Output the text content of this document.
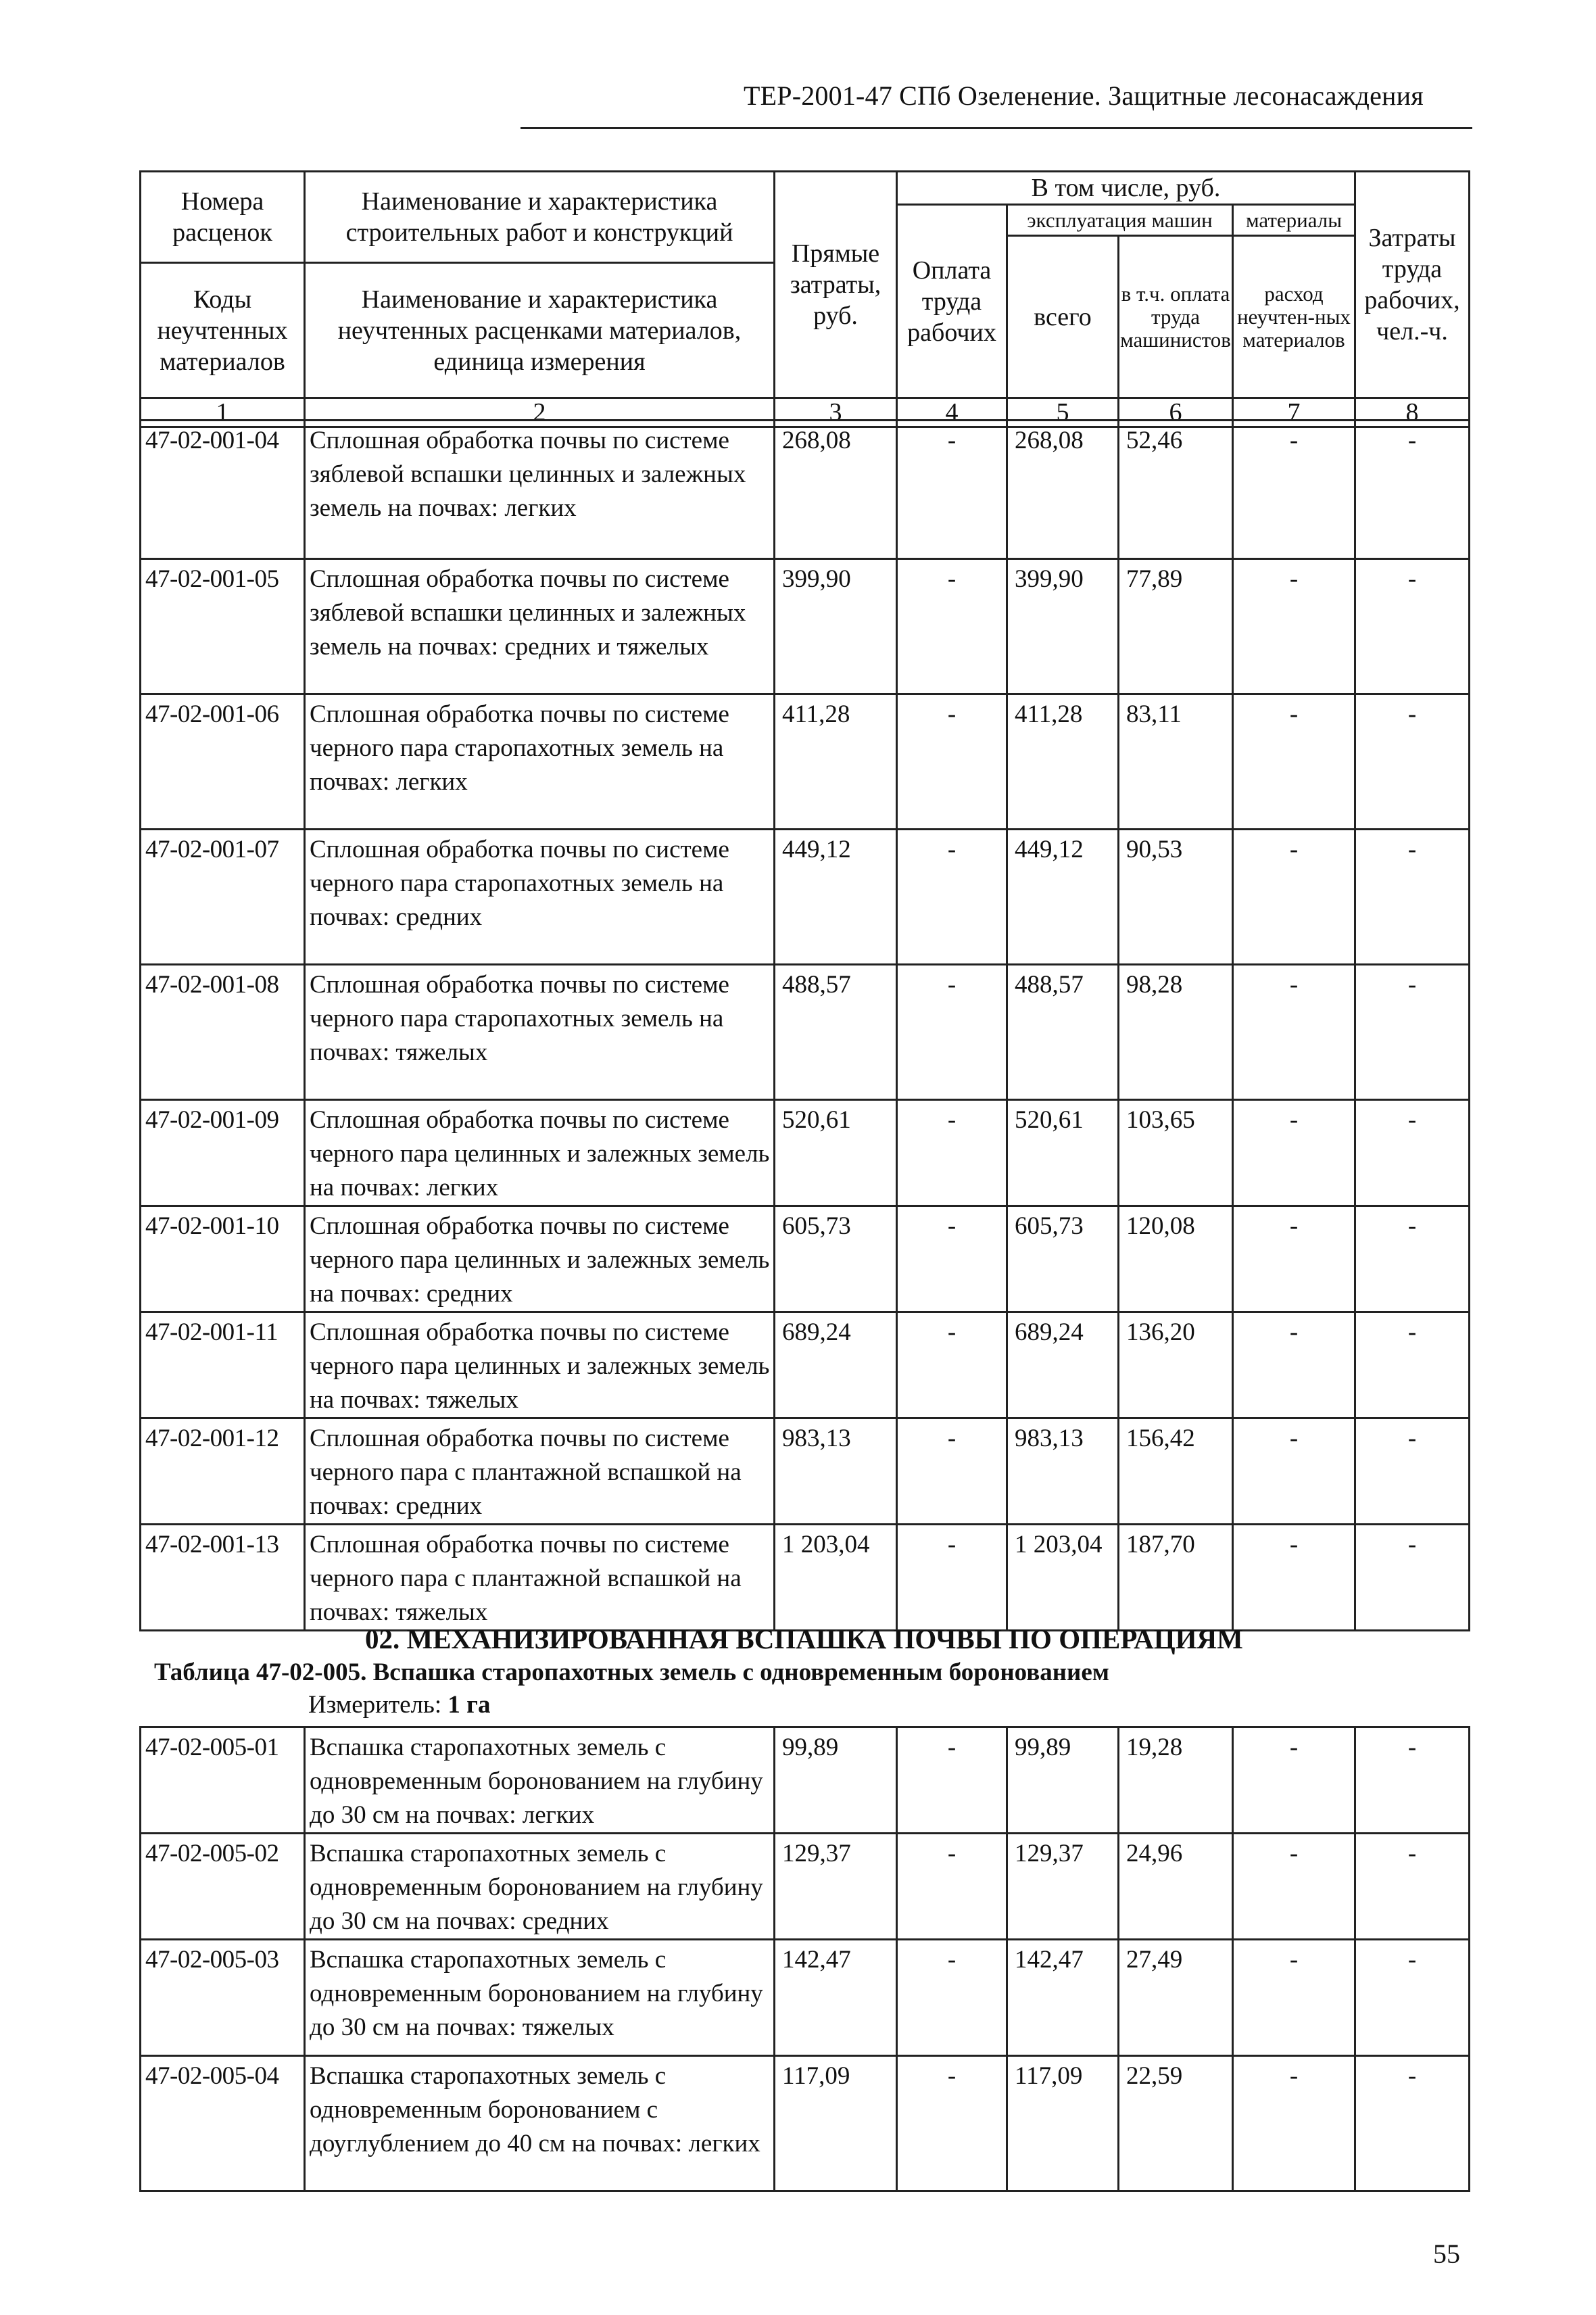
ТЕР-2001-47 СПб Озеленение. Защитные лесонасаждения
Номера расценок	Наименование и характеристика строительных работ и конструкций	Прямые затраты, руб.	В том числе, руб.				Затраты труда рабочих, чел.-ч.
			Оплата труда рабочих	эксплуатация машин		материалы	
				всего	в т.ч. оплата труда машинистов	расход неучтен-ных материалов	
Коды неучтенных материалов	Наименование и характеристика неучтенных расценками материалов, единица измерения						

1	2	3	4	5	6	7	8
47-02-001-04	Сплошная обработка почвы по системе зяблевой вспашки целинных и залежных земель на почвах: легких	268,08	-	268,08	52,46	-	-
47-02-001-05	Сплошная обработка почвы по системе зяблевой вспашки целинных и залежных земель на почвах: средних и тяжелых	399,90	-	399,90	77,89	-	-
47-02-001-06	Сплошная обработка почвы по системе черного пара старопахотных земель на почвах: легких	411,28	-	411,28	83,11	-	-
47-02-001-07	Сплошная обработка почвы по системе черного пара старопахотных земель на почвах: средних	449,12	-	449,12	90,53	-	-
47-02-001-08	Сплошная обработка почвы по системе черного пара старопахотных земель на почвах: тяжелых	488,57	-	488,57	98,28	-	-
47-02-001-09	Сплошная обработка почвы по системе черного пара целинных и залежных земель на почвах: легких	520,61	-	520,61	103,65	-	-
47-02-001-10	Сплошная обработка почвы по системе черного пара целинных и залежных земель на почвах: средних	605,73	-	605,73	120,08	-	-
47-02-001-11	Сплошная обработка почвы по системе черного пара целинных и залежных земель на почвах: тяжелых	689,24	-	689,24	136,20	-	-
47-02-001-12	Сплошная обработка почвы по системе черного пара с плантажной вспашкой на почвах: средних	983,13	-	983,13	156,42	-	-
47-02-001-13	Сплошная обработка почвы по системе черного пара с плантажной вспашкой на почвах: тяжелых	1 203,04	-	1 203,04	187,70	-	-
02. МЕХАНИЗИРОВАННАЯ ВСПАШКА ПОЧВЫ ПО ОПЕРАЦИЯМ
Таблица 47-02-005. Вспашка старопахотных земель с одновременным боронованием
Измеритель: 1 га
47-02-005-01	Вспашка старопахотных земель с одновременным боронованием на глубину до 30 см на почвах: легких	99,89	-	99,89	19,28	-	-
47-02-005-02	Вспашка старопахотных земель с одновременным боронованием на глубину до 30 см на почвах: средних	129,37	-	129,37	24,96	-	-
47-02-005-03	Вспашка старопахотных земель с одновременным боронованием на глубину до 30 см на почвах: тяжелых	142,47	-	142,47	27,49	-	-
47-02-005-04	Вспашка старопахотных земель с одновременным боронованием с доуглублением до 40 см на почвах: легких	117,09	-	117,09	22,59	-	-
55
